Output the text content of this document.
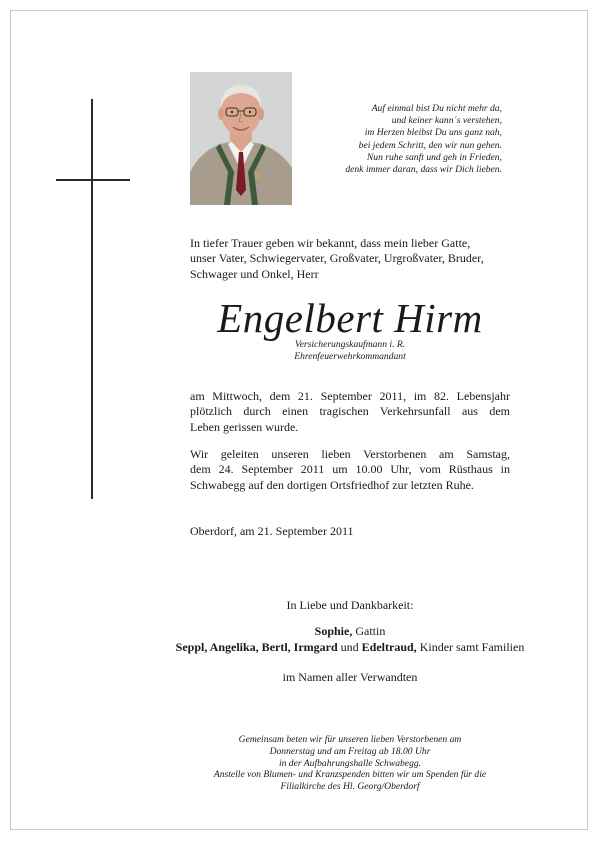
Auf einmal bist Du nicht mehr da,
und keiner kann´s verstehen,
im Herzen bleibst Du uns ganz nah,
bei jedem Schritt, den wir nun gehen.
Nun ruhe sanft und geh in Frieden,
denk immer daran, dass wir Dich lieben.
In tiefer Trauer geben wir bekannt, dass mein lieber Gatte,
unser Vater, Schwiegervater, Großvater, Urgroßvater, Bruder,
Schwager und Onkel, Herr
Engelbert Hirm
Versicherungskaufmann i. R.
Ehrenfeuerwehrkommandant
am Mittwoch, dem 21. September 2011, im 82. Lebensjahr
plötzlich durch einen tragischen Verkehrsunfall aus dem
Leben gerissen wurde.
Wir geleiten unseren lieben Verstorbenen am Samstag,
dem 24. September 2011 um 10.00 Uhr, vom Rüsthaus in
Schwabegg auf den dortigen Ortsfriedhof zur letzten Ruhe.
Oberdorf, am 21. September 2011
In Liebe und Dankbarkeit:
Sophie, Gattin
Seppl, Angelika, Bertl, Irmgard und Edeltraud, Kinder samt Familien
im Namen aller Verwandten
Gemeinsam beten wir für unseren lieben Verstorbenen am
Donnerstag und am Freitag ab 18.00 Uhr
in der Aufbahrungshalle Schwabegg.
Anstelle von Blumen- und Kranzspenden bitten wir um Spenden für die
Filialkirche des Hl. Georg/Oberdorf
